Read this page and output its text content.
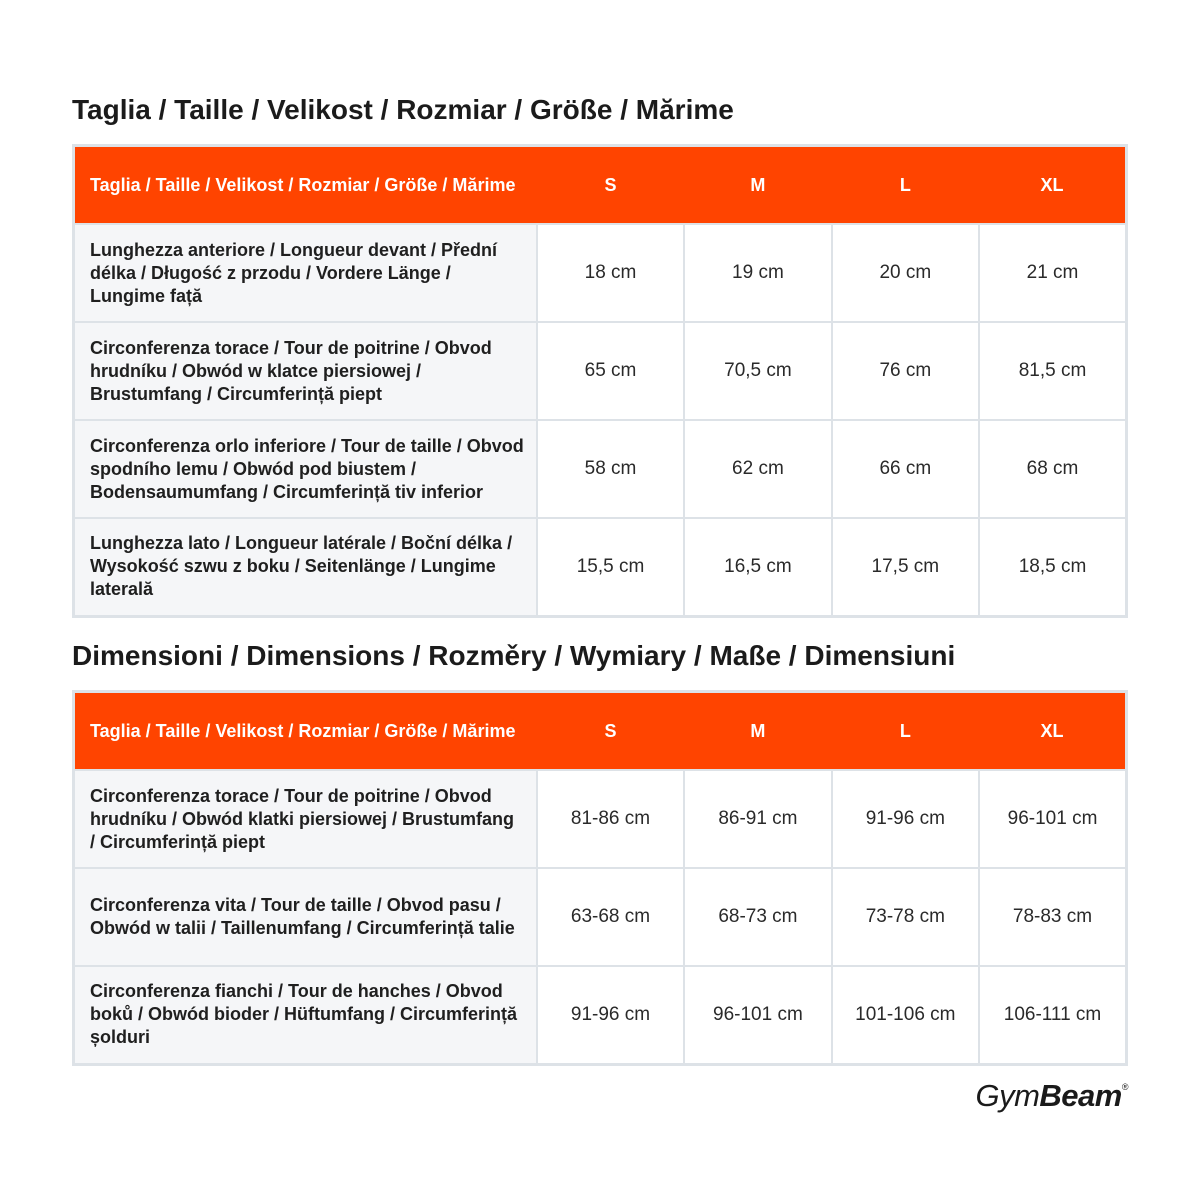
Taglia / Taille / Velikost / Rozmiar / Größe / Mărime
Taglia / Taille / Velikost / Rozmiar / Größe / Mărime	S	M	L	XL
Lunghezza anteriore / Longueur devant / Přední délka / Długość z przodu / Vordere Länge / Lungime față	18 cm	19 cm	20 cm	21 cm
Circonferenza torace / Tour de poitrine / Obvod hrudníku / Obwód w klatce piersiowej / Brustumfang / Circumferință piept	65 cm	70,5 cm	76 cm	81,5 cm
Circonferenza orlo inferiore / Tour de taille / Obvod spodního lemu / Obwód pod biustem / Bodensaumumfang / Circumferință tiv inferior	58 cm	62 cm	66 cm	68 cm
Lunghezza lato / Longueur latérale / Boční délka / Wysokość szwu z boku / Seitenlänge / Lungime laterală	15,5 cm	16,5 cm	17,5 cm	18,5 cm
Dimensioni / Dimensions / Rozměry / Wymiary / Maße / Dimensiuni
Taglia / Taille / Velikost / Rozmiar / Größe / Mărime	S	M	L	XL
Circonferenza torace / Tour de poitrine / Obvod hrudníku / Obwód klatki piersiowej / Brustumfang / Circumferință piept	81-86 cm	86-91 cm	91-96 cm	96-101 cm
Circonferenza vita / Tour de taille / Obvod pasu / Obwód w talii / Taillenumfang / Circumferință talie	63-68 cm	68-73 cm	73-78 cm	78-83 cm
Circonferenza fianchi / Tour de hanches / Obvod boků / Obwód bioder / Hüftumfang / Circumferință șolduri	91-96 cm	96-101 cm	101-106 cm	106-111 cm
GymBeam®
